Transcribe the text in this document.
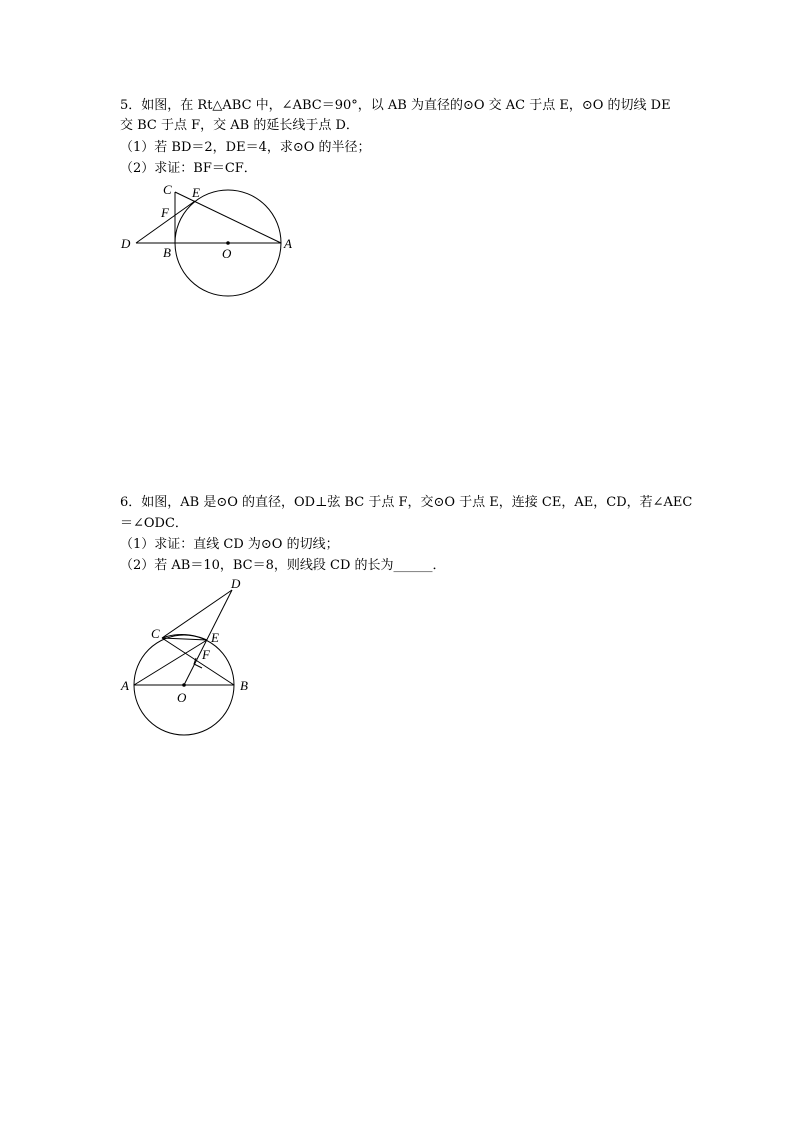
5．如图，在 Rt△ABC 中，∠ABC＝90°，以 AB 为直径的⊙O 交 AC 于点 E，⊙O 的切线 DE
交 BC 于点 F，交 AB 的延长线于点 D．
（1）若 BD＝2，DE＝4，求⊙O 的半径；
（2）求证：BF＝CF．
C E
F
D
B	O
A
6．如图，AB 是⊙O 的直径，OD⊥弦 BC 于点 F，交⊙O 于点 E，连接 CE，AE，CD，若∠AEC
＝∠ODC．
（1）求证：直线 CD 为⊙O 的切线；
（2）若 AB＝10，BC＝8，则线段 CD 的长为______．
D
C	E
F
A
O
B
